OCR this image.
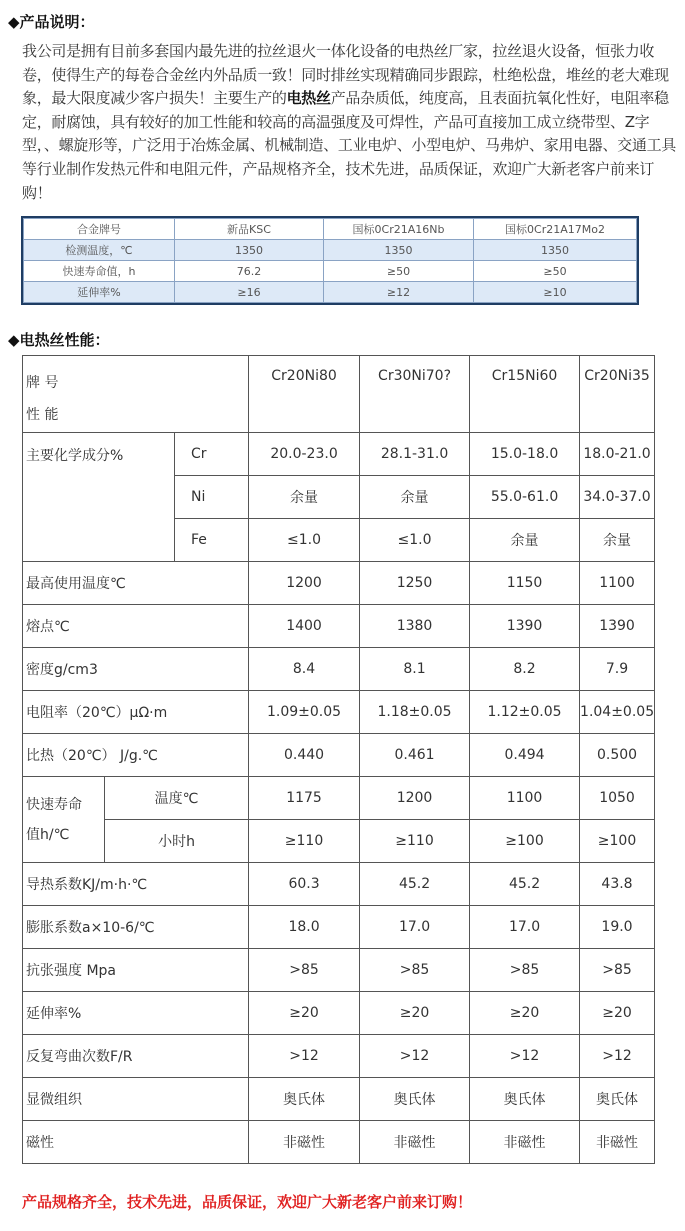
◆产品说明：
我公司是拥有目前多套国内最先进的拉丝退火一体化设备的电热丝厂家，拉丝退火设备，恒张力收卷，使得生产的每卷合金丝内外品质一致！同时排丝实现精确同步跟踪，杜绝松盘，堆丝的老大难现象，最大限度减少客户损失！主要生产的电热丝产品杂质低，纯度高，且表面抗氧化性好，电阻率稳定，耐腐蚀，具有较好的加工性能和较高的高温强度及可焊性，产品可直接加工成立绕带型、Z字型，、螺旋形等，广泛用于冶炼金属、机械制造、工业电炉、小型电炉、马弗炉、家用电器、交通工具等行业制作发热元件和电阻元件，产品规格齐全，技术先进，品质保证，欢迎广大新老客户前来订购！
合金牌号	新品KSC	国标0Cr21A16Nb	国标0Cr21A17Mo2
检测温度，℃	1350	1350	1350
快速寿命值，h	76.2	≥50	≥50
延伸率%	≥16	≥12	≥10
◆电热丝性能：
牌 号
性 能			Cr20Ni80	Cr30Ni70?	Cr15Ni60	Cr20Ni35
主要化学成分%		Cr	20.0-23.0	28.1-31.0	15.0-18.0	18.0-21.0
		Ni	余量	余量	55.0-61.0	34.0-37.0
		Fe	≤1.0	≤1.0	余量	余量
最高使用温度℃			1200	1250	1150	1100
熔点℃			1400	1380	1390	1390
密度g/cm3			8.4	8.1	8.2	7.9
电阻率（20℃）μΩ·m			1.09±0.05	1.18±0.05	1.12±0.05	1.04±0.05
比热（20℃） J/g.℃			0.440	0.461	0.494	0.500

快速寿命
值h/℃	温度℃		1175	1200	1100	1050
	小时h		≥110	≥110	≥100	≥100
导热系数KJ/m·h·℃			60.3	45.2	45.2	43.8
膨胀系数a×10-6/℃			18.0	17.0	17.0	19.0
抗张强度 Mpa			>85	>85	>85	>85
延伸率%			≥20	≥20	≥20	≥20
反复弯曲次数F/R			>12	>12	>12	>12
显微组织			奥氏体	奥氏体	奥氏体	奥氏体
磁性			非磁性	非磁性	非磁性	非磁性
产品规格齐全，技术先进，品质保证，欢迎广大新老客户前来订购！
